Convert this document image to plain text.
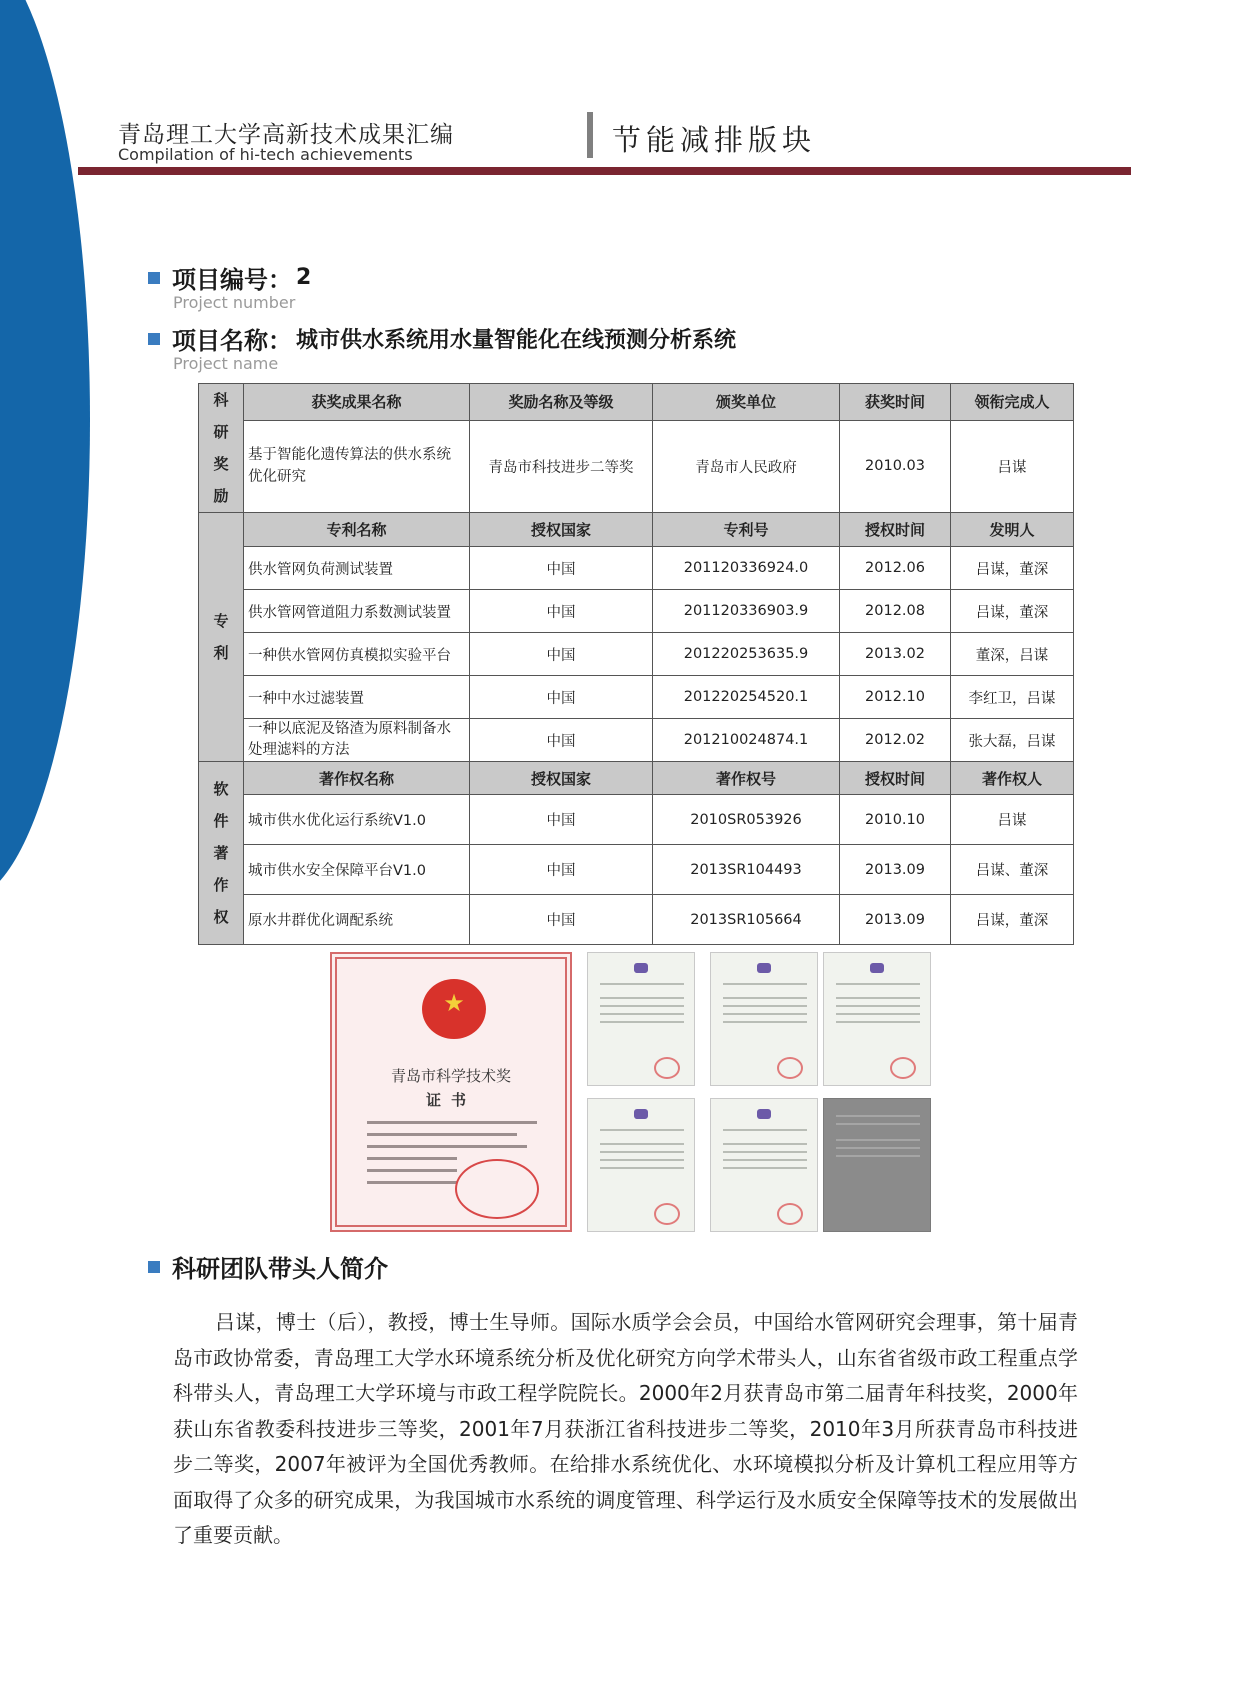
青岛理工大学高新技术成果汇编
Compilation of hi-tech achievements	节能减排版块
项目编号： 2
Project number
项目名称： 城市供水系统用水量智能化在线预测分析系统
Project name
科
研
奖
励	获奖成果名称	奖励名称及等级	颁奖单位	获奖时间	领衔完成人
	基于智能化遗传算法的供水系统优化研究	青岛市科技进步二等奖	青岛市人民政府	2010.03	吕谋

专
利	专利名称	授权国家	专利号	授权时间	发明人
	供水管网负荷测试装置	中国	201120336924.0	2012.06	吕谋，董深
	供水管网管道阻力系数测试装置	中国	201120336903.9	2012.08	吕谋，董深
	一种供水管网仿真模拟实验平台	中国	201220253635.9	2013.02	董深，吕谋
	一种中水过滤装置	中国	201220254520.1	2012.10	李红卫，吕谋
	一种以底泥及铬渣为原料制备水处理滤料的方法	中国	201210024874.1	2012.02	张大磊，吕谋

软
件
著
作
权	著作权名称	授权国家	著作权号	授权时间	著作权人
	城市供水优化运行系统V1.0	中国	2010SR053926	2010.10	吕谋
	城市供水安全保障平台V1.0	中国	2013SR104493	2013.09	吕谋、董深
	原水井群优化调配系统	中国	2013SR105664	2013.09	吕谋，董深
★
青岛市科学技术奖
证书
科研团队带头人简介
吕谋，博士（后），教授，博士生导师。国际水质学会会员，中国给水管网研究会理事，第十届青岛市政协常委，青岛理工大学水环境系统分析及优化研究方向学术带头人，山东省省级市政工程重点学科带头人，青岛理工大学环境与市政工程学院院长。2000年2月获青岛市第二届青年科技奖，2000年获山东省教委科技进步三等奖，2001年7月获浙江省科技进步二等奖，2010年3月所获青岛市科技进步二等奖，2007年被评为全国优秀教师。在给排水系统优化、水环境模拟分析及计算机工程应用等方面取得了众多的研究成果，为我国城市水系统的调度管理、科学运行及水质安全保障等技术的发展做出了重要贡献。
